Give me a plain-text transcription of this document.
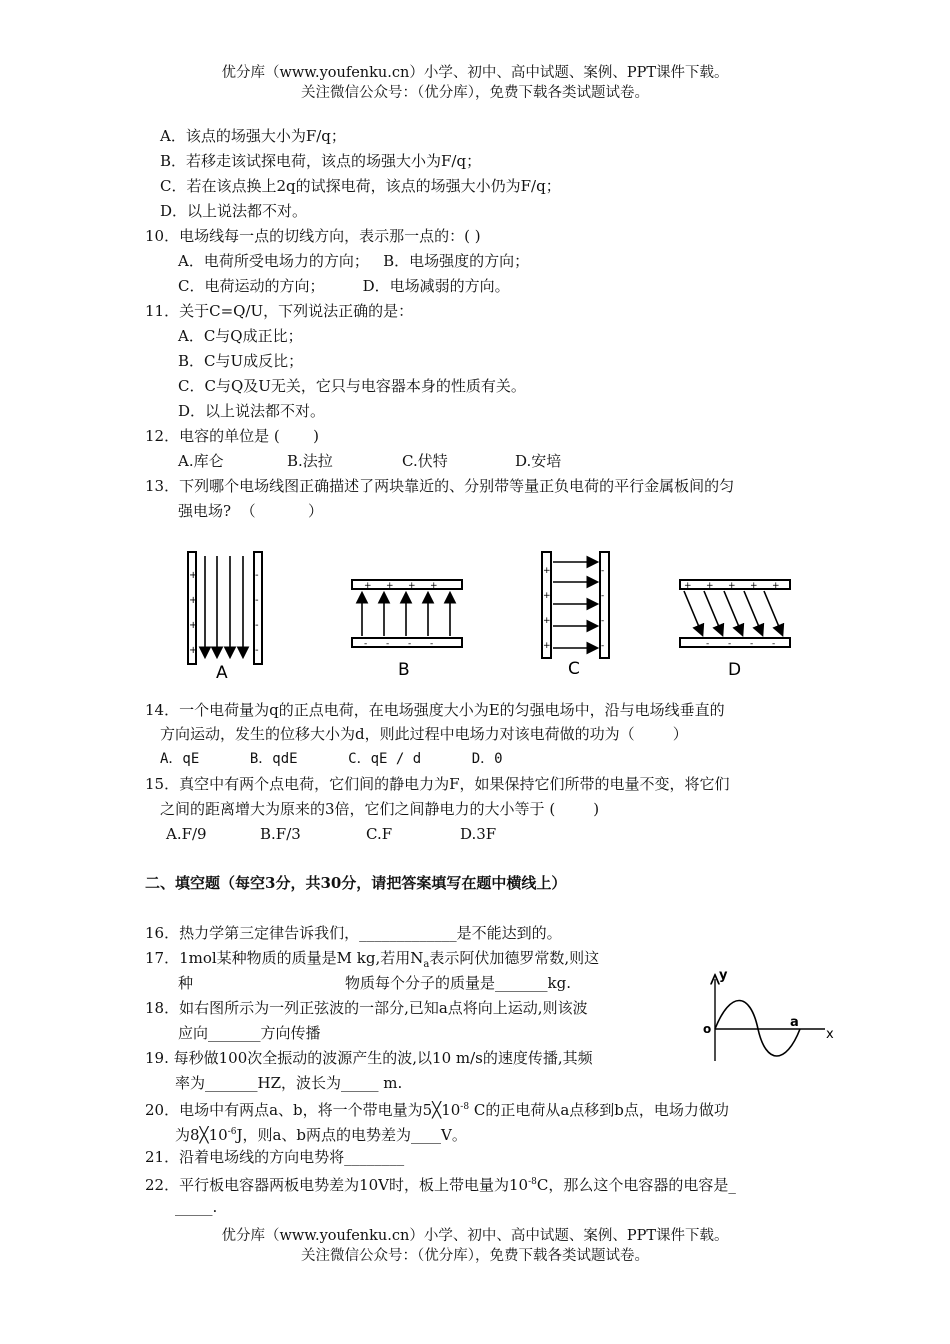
优分库（www.youfenku.cn）小学、初中、高中试题、案例、PPT课件下载。
关注微信公众号：（优分库），免费下载各类试题试卷。
A．该点的场强大小为F/q；
B．若移走该试探电荷，该点的场强大小为F/q；
C．若在该点换上2q的试探电荷，该点的场强大小仍为F/q；
D．以上说法都不对。
10．电场线每一点的切线方向，表示那一点的：( )
A．电荷所受电场力的方向；   B．电场强度的方向；
C．电荷运动的方向；        D．电场减弱的方向。
11．关于C=Q/U，下列说法正确的是：
A．C与Q成正比；
B．C与U成反比；
C．C与Q及U无关，它只与电容器本身的性质有关。
D．以上说法都不对。
12．电容的单位是 (       )
A.库仑	B.法拉	C.伏特	D.安培
13．下列哪个电场线图正确描述了两块靠近的、分别带等量正负电荷的平行金属板间的匀
强电场?  （           ）
+
+
+
+
-
-
-
-
A
+ + + +
- - - -
B
+
+
+
+
-
-
-
-
C
+ + + + +
- - - -
D
14．一个电荷量为q的正点电荷，在电场强度大小为E的匀强电场中，沿与电场线垂直的
方向运动，发生的位移大小为d，则此过程中电场力对该电荷做的功为（        ）
A．qE      B．qdE      C．qE / d      D．0
15．真空中有两个点电荷，它们间的静电力为F，如果保持它们所带的电量不变，将它们
之间的距离增大为原来的3倍，它们之间静电力的大小等于 (        )
A.F/9	B.F/3	C.F	D.3F
二、填空题（每空3分，共30分，请把答案填写在题中横线上）
16．热力学第三定律告诉我们，_____________是不能达到的。
17．1mol某种物质的质量是M kg,若用$N_a$表示阿伏加德罗常数,则这
种	物质每个分子的质量是_______kg.
18．如右图所示为一列正弦波的一部分,已知a点将向上运动,则该波
应向_______方向传播
y
o	a
x
19. 每秒做100次全振动的波源产生的波,以10 m/s的速度传播,其频
率为_______HZ，波长为_____ m.
20．电场中有两点a、b，将一个带电量为$5╳10^{-8}$ C的正电荷从a点移到b点，电场力做功
为$8╳10^{-6}J$，则a、b两点的电势差为____V。
21．沿着电场线的方向电势将________
22．平行板电容器两板电势差为10V时，板上带电量为$10^{-8}C$，那么这个电容器的电容是_
_____.
优分库（www.youfenku.cn）小学、初中、高中试题、案例、PPT课件下载。
关注微信公众号：（优分库），免费下载各类试题试卷。
